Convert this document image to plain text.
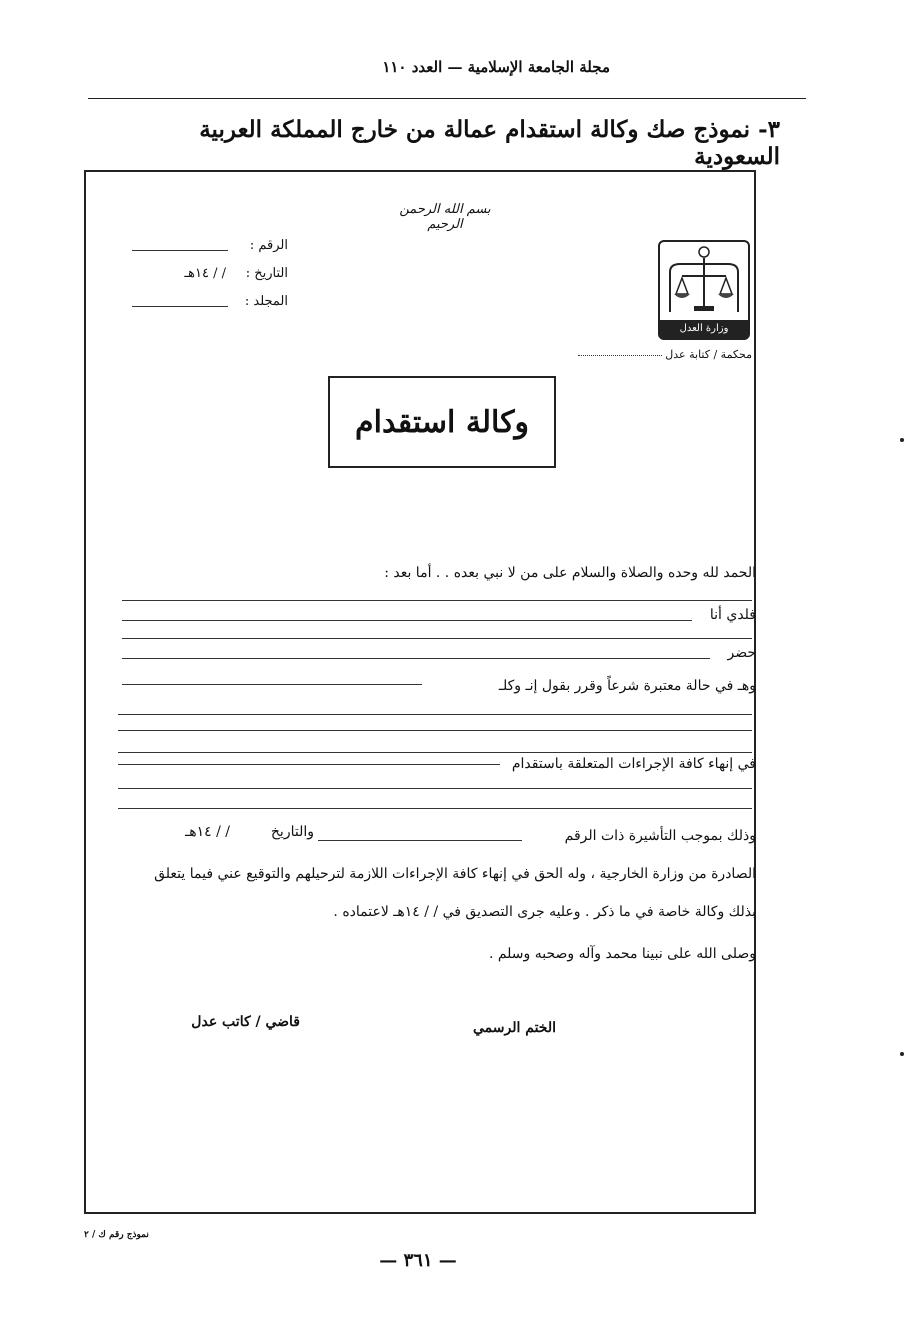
مجلة الجامعة الإسلامية — العدد ١١٠
٣- نموذج صك وكالة استقدام عمالة من خارج المملكة العربية السعودية
بسم الله الرحمن الرحيم
الرقم :
التاريخ :
/ / ١٤هـ
المجلد :
وزارة العدل
محكمة / كتابة عدل
وكالة استقدام
الحمد لله وحده والصلاة والسلام على من لا نبي بعده . . أما بعد :
فلدي أنا
حضر
وهـ في حالة معتبرة شرعاً وقرر بقول إنـ وكلـ
في إنهاء كافة الإجراءات المتعلقة باستقدام
وذلك بموجب التأشيرة ذات الرقم
والتاريخ
/ / ١٤هـ
الصادرة من وزارة الخارجية ، وله الحق في إنهاء كافة الإجراءات اللازمة لترحيلهم والتوقيع عني فيما يتعلق
بذلك وكالة خاصة في ما ذكر . وعليه جرى التصديق في / / ١٤هـ لاعتماده .
وصلى الله على نبينا محمد وآله وصحبه وسلم .
الختم الرسمي
قاضي / كاتب عدل
نموذج رقم ك / ٢
— ٣٦١ —
